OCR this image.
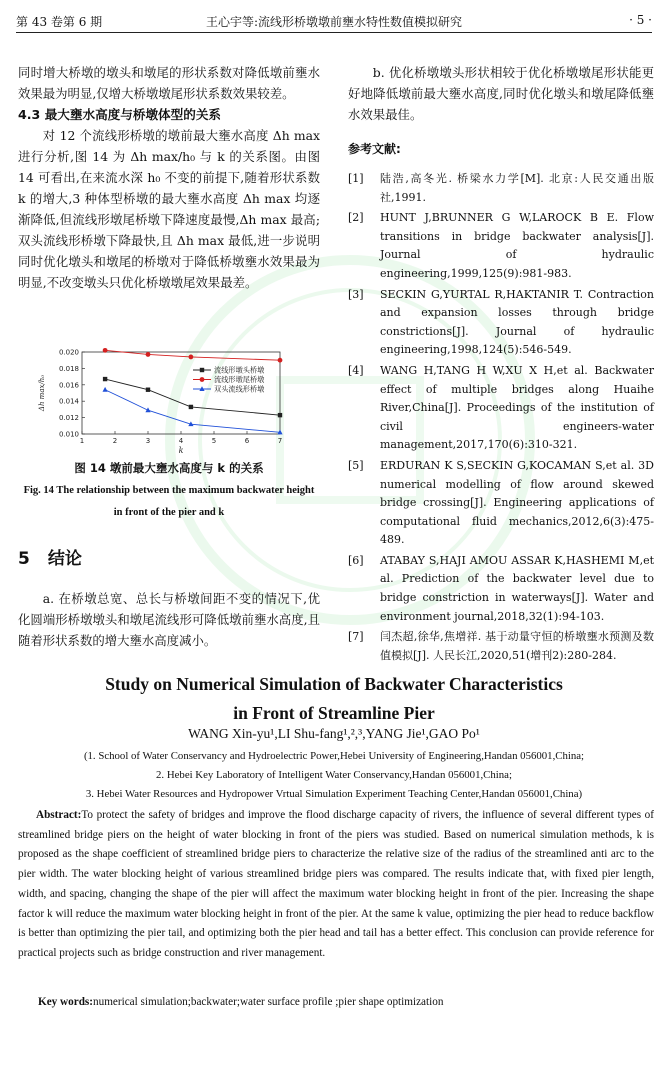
第 43 卷第 6 期	王心宇等:流线形桥墩墩前壅水特性数值模拟研究	· 5 ·

同时增大桥墩的墩头和墩尾的形状系数对降低墩前壅水效果最为明显,仅增大桥墩墩尾形状系数效果较差。

4.3 最大壅水高度与桥墩体型的关系

对 12 个流线形桥墩的墩前最大壅水高度 Δh max 进行分析,图 14 为 Δh max/h₀ 与 k 的关系图。由图 14 可看出,在来流水深 h₀ 不变的前提下,随着形状系数 k 的增大,3 种体型桥墩的最大壅水高度 Δh max 均逐渐降低,但流线形墩尾桥墩下降速度最慢,Δh max 最高;双头流线形桥墩下降最快,且 Δh max 最低,进一步说明同时优化墩头和墩尾的桥墩对于降低桥墩壅水效果最为明显,不改变墩头只优化桥墩墩尾效果最差。

0.010
0.012
0.014
0.016
0.018
0.020
1	2	3	4	5	6	7
k
Δh max/h₀
流线形墩头桥墩
流线形墩尾桥墩
双头流线形桥墩
图 14 墩前最大壅水高度与 k 的关系
Fig. 14 The relationship between the maximum backwater height in front of the pier and k
5 结论

a. 在桥墩总宽、总长与桥墩间距不变的情况下,优化圆端形桥墩墩头和墩尾流线形可降低墩前壅水高度,且随着形状系数的增大壅水高度减小。

b. 优化桥墩墩头形状相较于优化桥墩墩尾形状能更好地降低墩前最大壅水高度,同时优化墩头和墩尾降低壅水效果最佳。

参考文献:
[1]	陆浩,高冬光. 桥梁水力学[M]. 北京:人民交通出版社,1991.
[2]	HUNT J,BRUNNER G W,LAROCK B E. Flow transitions in bridge backwater analysis[J]. Journal of hydraulic engineering,1999,125(9):981-983.
[3]	SECKIN G,YURTAL R,HAKTANIR T. Contraction and expansion losses through bridge constrictions[J]. Journal of hydraulic engineering,1998,124(5):546-549.
[4]	WANG H,TANG H W,XU X H,et al. Backwater effect of multiple bridges along Huaihe River,China[J]. Proceedings of the institution of civil engineers-water management,2017,170(6):310-321.
[5]	ERDURAN K S,SECKIN G,KOCAMAN S,et al. 3D numerical modelling of flow around skewed bridge crossing[J]. Engineering applications of computational fluid mechanics,2012,6(3):475-489.
[6]	ATABAY S,HAJI AMOU ASSAR K,HASHEMI M,et al. Prediction of the backwater level due to bridge constriction in waterways[J]. Water and environment journal,2018,32(1):94-103.
[7]	闫杰超,徐华,焦增祥. 基于动量守恒的桥墩壅水预测及数值模拟[J]. 人民长江,2020,51(增刊2):280-284.
Study on Numerical Simulation of Backwater Characteristics
in Front of Streamline Pier
WANG Xin-yu¹,LI Shu-fang¹,²,³,YANG Jie¹,GAO Po¹
(1. School of Water Conservancy and Hydroelectric Power,Hebei University of Engineering,Handan 056001,China;
2. Hebei Key Laboratory of Intelligent Water Conservancy,Handan 056001,China;
3. Hebei Water Resources and Hydropower Vrtual Simulation Experiment Teaching Center,Handan 056001,China)
Abstract:To protect the safety of bridges and improve the flood discharge capacity of rivers, the influence of several different types of streamlined bridge piers on the height of water blocking in front of the piers was studied. Based on numerical simulation methods, k is proposed as the shape coefficient of streamlined bridge piers to characterize the relative size of the radius of the streamlined anti arc to the pier width. The water blocking height of various streamlined bridge piers was compared. The results indicate that, with fixed pier length, width, and spacing, changing the shape of the pier will affect the maximum water blocking height in front of the pier. Increasing the shape factor k will reduce the maximum water blocking height in front of the pier. At the same k value, optimizing the pier head to reduce backflow is better than optimizing the pier tail, and optimizing both the pier head and tail has a better effect. This conclusion can provide reference for practical projects such as bridge construction and river management.
Key words:numerical simulation;backwater;water surface profile ;pier shape optimization
